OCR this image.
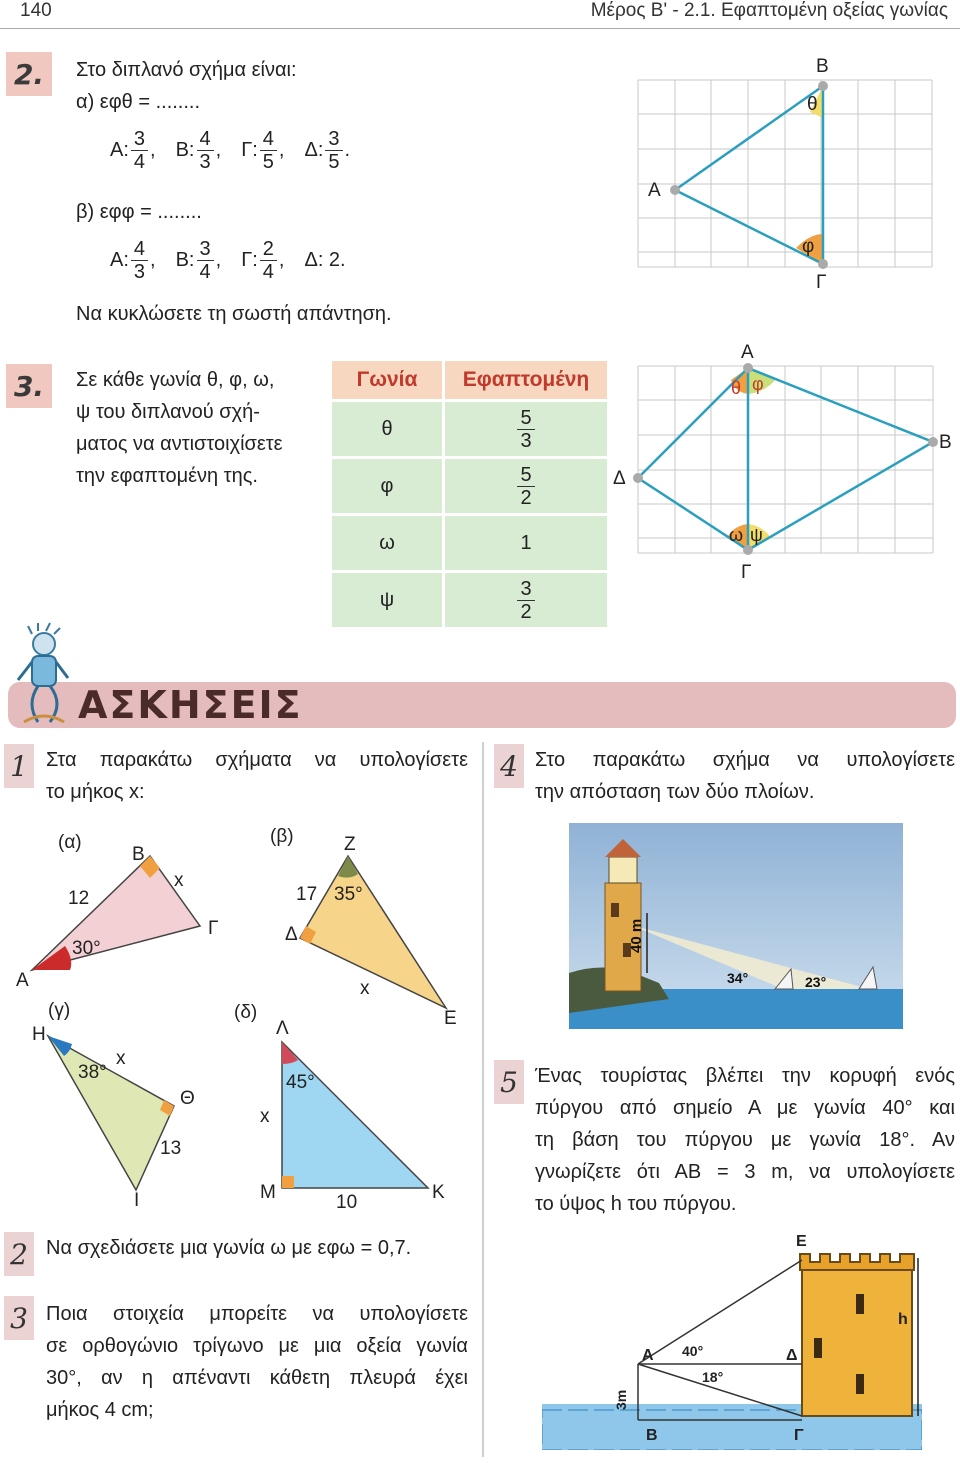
140	Μέρος Β' - 2.1. Εφαπτομένη οξείας γωνίας
2.	Στο διπλανό σχήμα είναι:
α) εφθ = ........
Α: $\frac{3}{4}$ , Β: $\frac{4}{3}$ , Γ: $\frac{4}{5}$ , Δ: $\frac{3}{5}$ .
β) εφφ = ........
Α: $\frac{4}{3}$ , Β: $\frac{3}{4}$ , Γ: $\frac{2}{4}$ , Δ: 2.
Να κυκλώσετε τη σωστή απάντηση.
Α
Β
Γ
θ
φ
3.	Σε κάθε γωνία θ, φ, ω,
ψ του διπλανού σχή-
ματος να αντιστοιχίσετε
την εφαπτομένη της.
Γωνία	Εφαπτομένη
θ	$\frac{5}{3}$

φ	$\frac{5}{2}$

ω	1
ψ	$\frac{3}{2}$
Α
Β
Γ
Δ
θ φ
ω ψ
ΑΣΚΗΣΕΙΣ
1 Στα παρακάτω σχήματα να υπολογίσετε
το μήκος x:
(α)
Α
Β
Γ
12
30°
x
(β)	Ζ
Δ
Ε
17 35°
x
(γ)
Η
Θ
Ι
38°
x
13
(δ)
Λ
Μ	Κ
45°
x
10
2 Να σχεδιάσετε μια γωνία ω με εφω = 0,7.
3 Ποια στοιχεία μπορείτε να υπολογίσετε
σε ορθογώνιο τρίγωνο με μια οξεία γωνία
30°, αν η απέναντι κάθετη πλευρά έχει
μήκος 4 cm;
4 Στο παρακάτω σχήμα να υπολογίσετε
την απόσταση των δύο πλοίων.
40 m
34°	23°
5 Ένας τουρίστας βλέπει την κορυφή ενός
πύργου από σημείο Α με γωνία 40° και
τη βάση του πύργου με γωνία 18°. Αν
γνωρίζετε ότι ΑΒ = 3 m, να υπολογίσετε
το ύψος h του πύργου.
Ε
Α	Δ
Β	Γ
h
40°
18°
3m
